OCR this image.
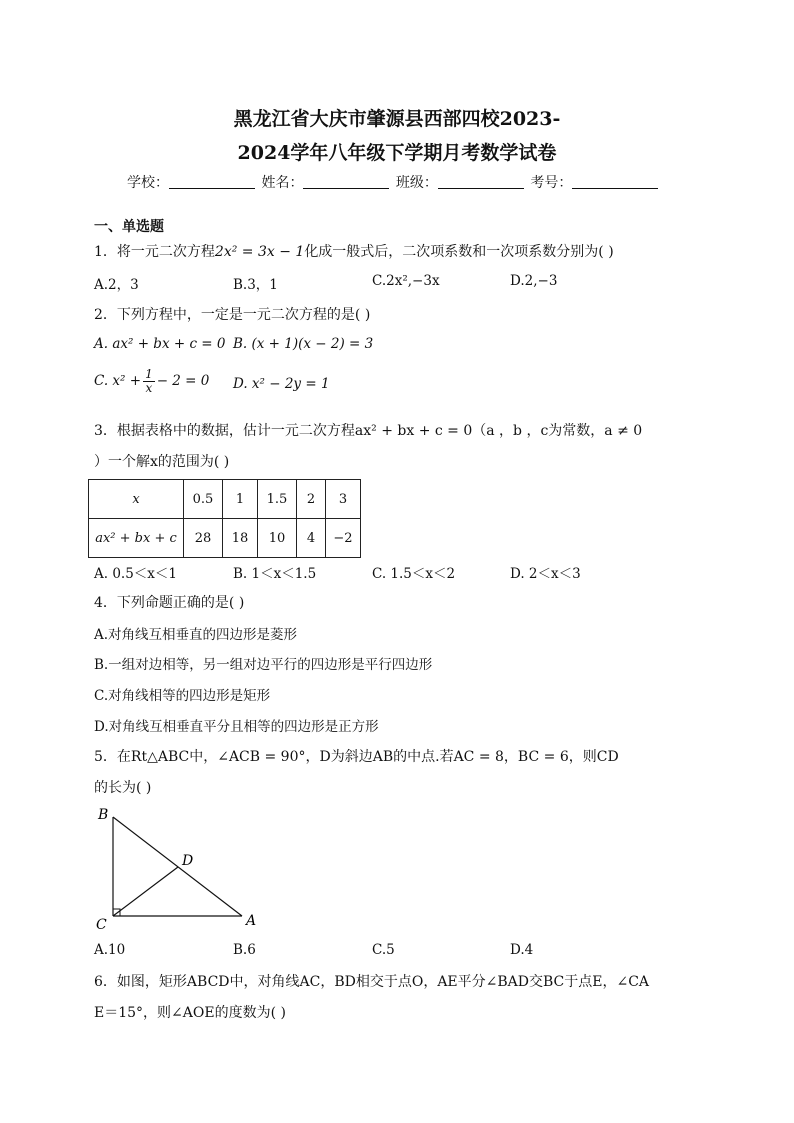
黑龙江省大庆市肇源县西部四校2023-
2024学年八年级下学期月考数学试卷
学校：	姓名：	班级：	考号：
一、单选题
1．将一元二次方程2x² = 3x − 1化成一般式后，二次项系数和一次项系数分别为( )
A.2，3	B.3，1	C.2x²,−3x	D.2,−3
2．下列方程中，一定是一元二次方程的是( )
A. ax² + bx + c = 0 B. (x + 1)(x − 2) = 3
C. $x^2 + \frac{1}{x} - 2 = 0$ D. x² − 2y = 1
3．根据表格中的数据，估计一元二次方程ax² + bx + c = 0（a ，b ，c为常数，a ≠ 0
）一个解x的范围为( )
x	0.5	1	1.5	2	3
ax² + bx + c	28	18	10	4	−2
A. 0.5＜x＜1	B. 1＜x＜1.5	C. 1.5＜x＜2	D. 2＜x＜3
4．下列命题正确的是( )
A.对角线互相垂直的四边形是菱形
B.一组对边相等，另一组对边平行的四边形是平行四边形
C.对角线相等的四边形是矩形
D.对角线互相垂直平分且相等的四边形是正方形
5．在Rt△ABC中，∠ACB = 90°，D为斜边AB的中点.若AC = 8，BC = 6，则CD
的长为( )
B
D
C	A
A.10	B.6	C.5	D.4
6．如图，矩形ABCD中，对角线AC，BD相交于点O，AE平分∠BAD交BC于点E，∠CA
E＝15°，则∠AOE的度数为( )
